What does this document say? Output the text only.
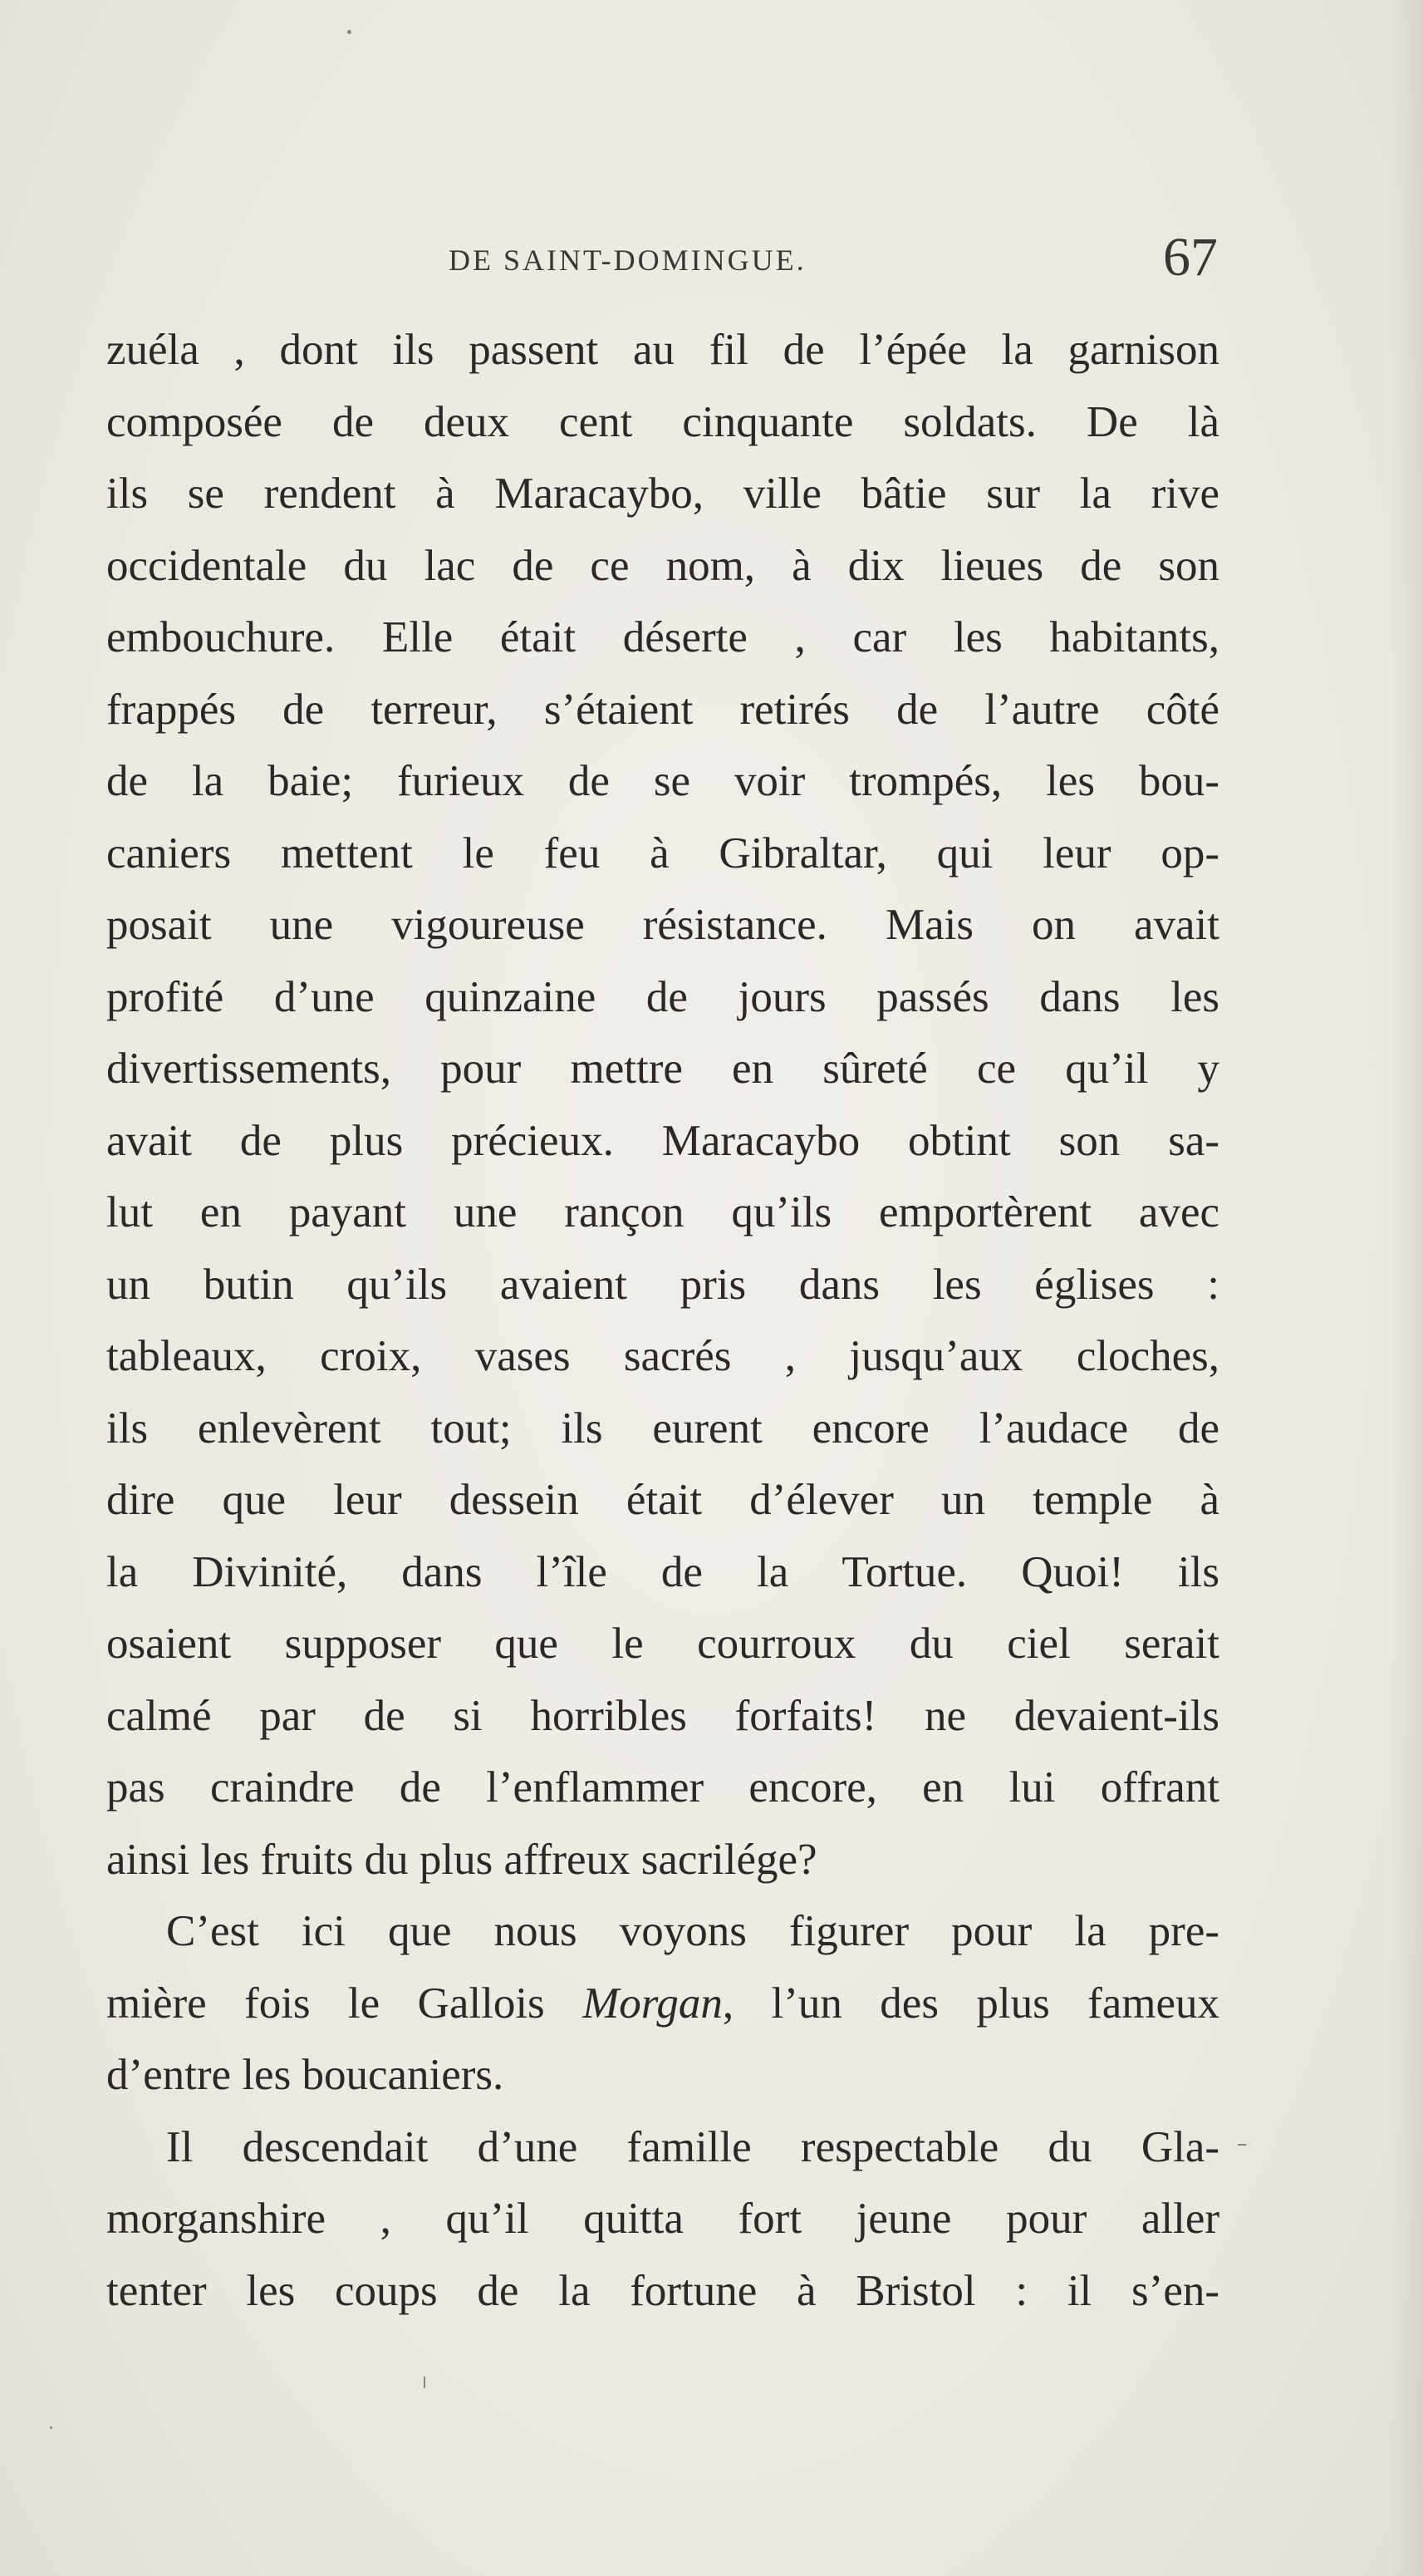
DE SAINT-DOMINGUE.	67
zuéla , dont ils passent au fil de l’épée la garnison
composée de deux cent cinquante soldats. De là
ils se rendent à Maracaybo, ville bâtie sur la rive
occidentale du lac de ce nom, à dix lieues de son
embouchure. Elle était déserte , car les habitants,
frappés de terreur, s’étaient retirés de l’autre côté
de la baie; furieux de se voir trompés, les bou-
caniers mettent le feu à Gibraltar, qui leur op-
posait une vigoureuse résistance. Mais on avait
profité d’une quinzaine de jours passés dans les
divertissements, pour mettre en sûreté ce qu’il y
avait de plus précieux. Maracaybo obtint son sa-
lut en payant une rançon qu’ils emportèrent avec
un butin qu’ils avaient pris dans les églises :
tableaux, croix, vases sacrés , jusqu’aux cloches,
ils enlevèrent tout; ils eurent encore l’audace de
dire que leur dessein était d’élever un temple à
la Divinité, dans l’île de la Tortue. Quoi! ils
osaient supposer que le courroux du ciel serait
calmé par de si horribles forfaits! ne devaient-ils
pas craindre de l’enflammer encore, en lui offrant
ainsi les fruits du plus affreux sacrilége?
C’est ici que nous voyons figurer pour la pre-
mière fois le Gallois Morgan, l’un des plus fameux
d’entre les boucaniers.
Il descendait d’une famille respectable du Gla-
morganshire , qu’il quitta fort jeune pour aller
tenter les coups de la fortune à Bristol : il s’en-
